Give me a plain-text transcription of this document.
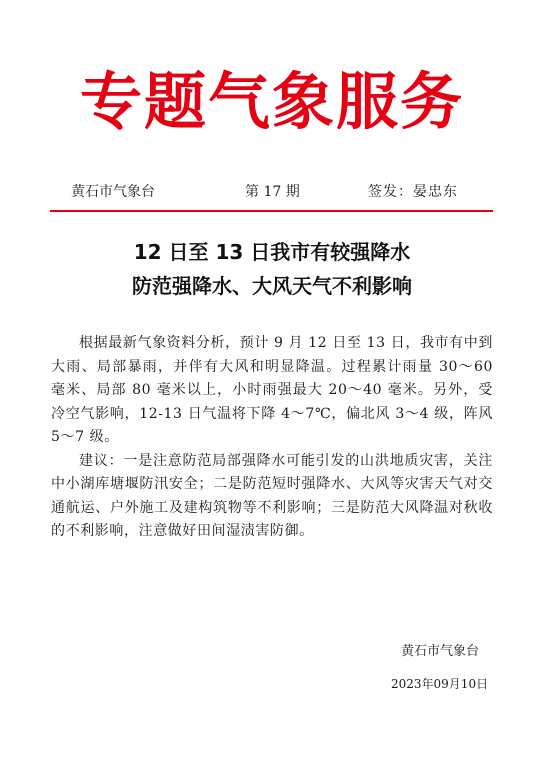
专题气象服务
黄石市气象台	第 17 期	签发：晏忠东
12 日至 13 日我市有较强降水
防范强降水、大风天气不利影响

根据最新气象资料分析，预计 9 月 12 日至 13 日，我市有中到大雨、局部暴雨，并伴有大风和明显降温。过程累计雨量 30～60 毫米、局部 80 毫米以上，小时雨强最大 20～40 毫米。另外，受冷空气影响，12-13 日气温将下降 4～7℃，偏北风 3～4 级，阵风 5～7 级。

建议：一是注意防范局部强降水可能引发的山洪地质灾害，关注中小湖库塘堰防汛安全；二是防范短时强降水、大风等灾害天气对交通航运、户外施工及建构筑物等不利影响；三是防范大风降温对秋收的不利影响，注意做好田间湿渍害防御。

黄石市气象台
2023年09月10日
